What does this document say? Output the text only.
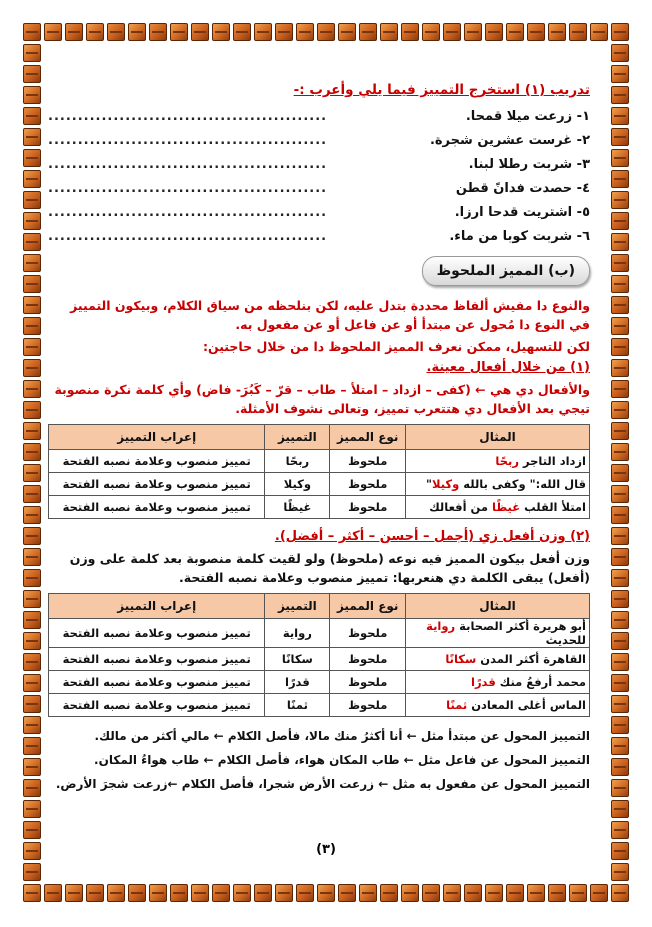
تدريب (١) استخرج التمييز فيما يلي وأعرب :-
١- زرعت ميلا قمحا.
...............................................
٢- غرست عشرين شجرة.
...............................................
٣- شربت رطلا لبنا.
...............................................
٤- حصدت فدانً قطن
...............................................
٥- اشتريت قدحا ارزا.
...............................................
٦- شربت كوبا من ماء.
...............................................
(ب) المميز الملحوظ

والنوع دا مفيش ألفاظ محددة بتدل عليه، لكن بنلحظه من سياق الكلام، وبيكون التمييز في النوع دا مُحول عن مبتدأ أو عن فاعل أو عن مفعول به.

لكن للتسهيل، ممكن نعرف المميز الملحوظ دا من خلال حاجتين:

(١) من خلال أفعال معينة.

والأفعال دي هي ← (كفى – ازداد – امتلأ – طاب – قرّ – كَبُرَ- فاض) وأي كلمة نكرة منصوبة تيجي بعد الأفعال دي هتتعرب تمييز، وتعالى نشوف الأمثلة.

المثال	نوع المميز	التمييز	إعراب التمييز
ازداد التاجر ربحًا	ملحوظ	ربحًا	تمييز منصوب وعلامة نصبه الفتحة
قال الله:" وكفى بالله وكيلا"	ملحوظ	وكيلا	تمييز منصوب وعلامة نصبه الفتحة
امتلأ القلب غيظًا من أفعالك	ملحوظ	غيظًا	تمييز منصوب وعلامة نصبه الفتحة
(٢) وزن أفعل زي (أجمل – أحسن – أكثر – أفضل).

وزن أفعل بيكون المميز فيه نوعه (ملحوظ) ولو لقيت كلمة منصوبة بعد كلمة على وزن (أفعل) يبقى الكلمة دي هنعربها: تمييز منصوب وعلامة نصبه الفتحة.

المثال	نوع المميز	التمييز	إعراب التمييز
أبو هريرة أكثر الصحابة رواية للحديث	ملحوظ	رواية	تمييز منصوب وعلامة نصبه الفتحة
القاهرة أكثر المدن سكانًا	ملحوظ	سكانًا	تمييز منصوب وعلامة نصبه الفتحة
محمد أرفعُ منك قدرًا	ملحوظ	قدرًا	تمييز منصوب وعلامة نصبه الفتحة
الماس أغلى المعادن ثمنًا	ملحوظ	ثمنًا	تمييز منصوب وعلامة نصبه الفتحة

التمييز المحول عن مبتدأ مثل ← أنا أكثرُ منك مالا، فأصل الكلام ← مالي أكثر من مالك.

التمييز المحول عن فاعل مثل ← طاب المكان هواء، فأصل الكلام ← طاب هواءُ المكان.

التمييز المحول عن مفعول به مثل ← زرعت الأرض شجرا، فأصل الكلام ←زرعت شجرَ الأرض.

(٣)
